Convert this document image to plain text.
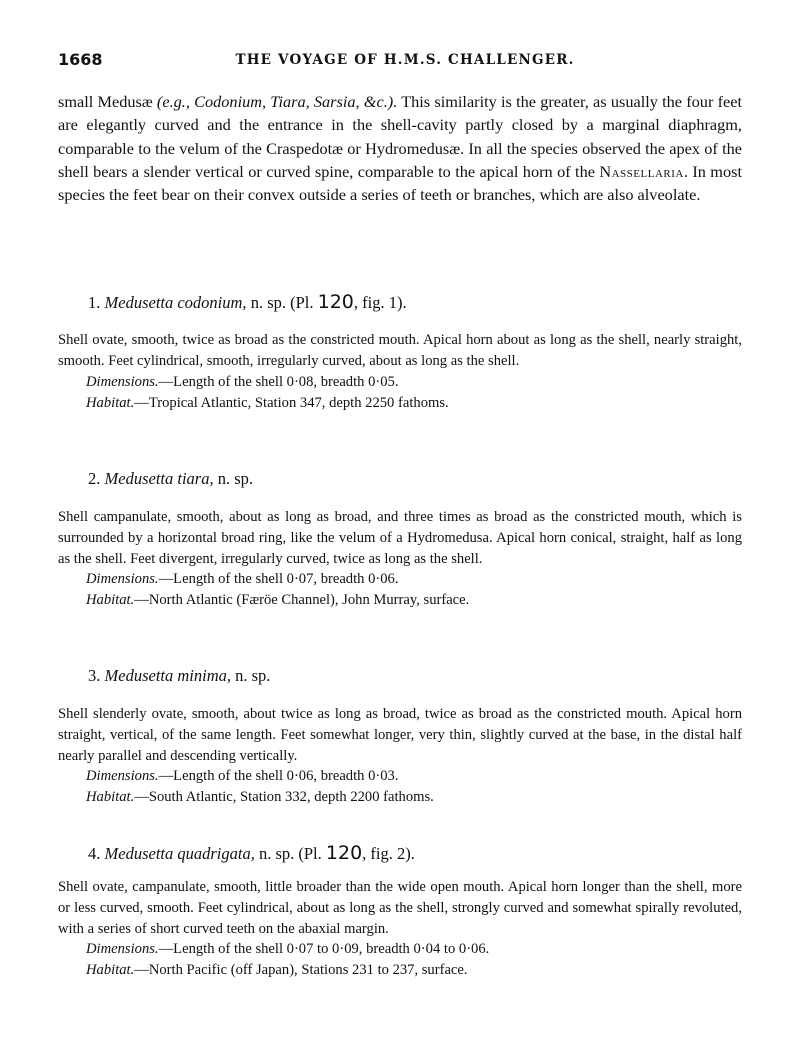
1668	THE VOYAGE OF H.M.S. CHALLENGER.

small Medusæ (e.g., Codonium, Tiara, Sarsia, &c.). This similarity is the greater, as usually the four feet are elegantly curved and the entrance in the shell-cavity partly closed by a marginal diaphragm, comparable to the velum of the Craspedotæ or Hydromedusæ. In all the species observed the apex of the shell bears a slender vertical or curved spine, comparable to the apical horn of the Nassellaria. In most species the feet bear on their convex outside a series of teeth or branches, which are also alveolate.

1. Medusetta codonium, n. sp. (Pl. 120, fig. 1).

Shell ovate, smooth, twice as broad as the constricted mouth. Apical horn about as long as the shell, nearly straight, smooth. Feet cylindrical, smooth, irregularly curved, about as long as the shell.

Dimensions.—Length of the shell 0·08, breadth 0·05.

Habitat.—Tropical Atlantic, Station 347, depth 2250 fathoms.

2. Medusetta tiara, n. sp.

Shell campanulate, smooth, about as long as broad, and three times as broad as the constricted mouth, which is surrounded by a horizontal broad ring, like the velum of a Hydromedusa. Apical horn conical, straight, half as long as the shell. Feet divergent, irregularly curved, twice as long as the shell.

Dimensions.—Length of the shell 0·07, breadth 0·06.

Habitat.—North Atlantic (Færöe Channel), John Murray, surface.

3. Medusetta minima, n. sp.

Shell slenderly ovate, smooth, about twice as long as broad, twice as broad as the constricted mouth. Apical horn straight, vertical, of the same length. Feet somewhat longer, very thin, slightly curved at the base, in the distal half nearly parallel and descending vertically.

Dimensions.—Length of the shell 0·06, breadth 0·03.

Habitat.—South Atlantic, Station 332, depth 2200 fathoms.

4. Medusetta quadrigata, n. sp. (Pl. 120, fig. 2).

Shell ovate, campanulate, smooth, little broader than the wide open mouth. Apical horn longer than the shell, more or less curved, smooth. Feet cylindrical, about as long as the shell, strongly curved and somewhat spirally revoluted, with a series of short curved teeth on the abaxial margin.

Dimensions.—Length of the shell 0·07 to 0·09, breadth 0·04 to 0·06.

Habitat.—North Pacific (off Japan), Stations 231 to 237, surface.
